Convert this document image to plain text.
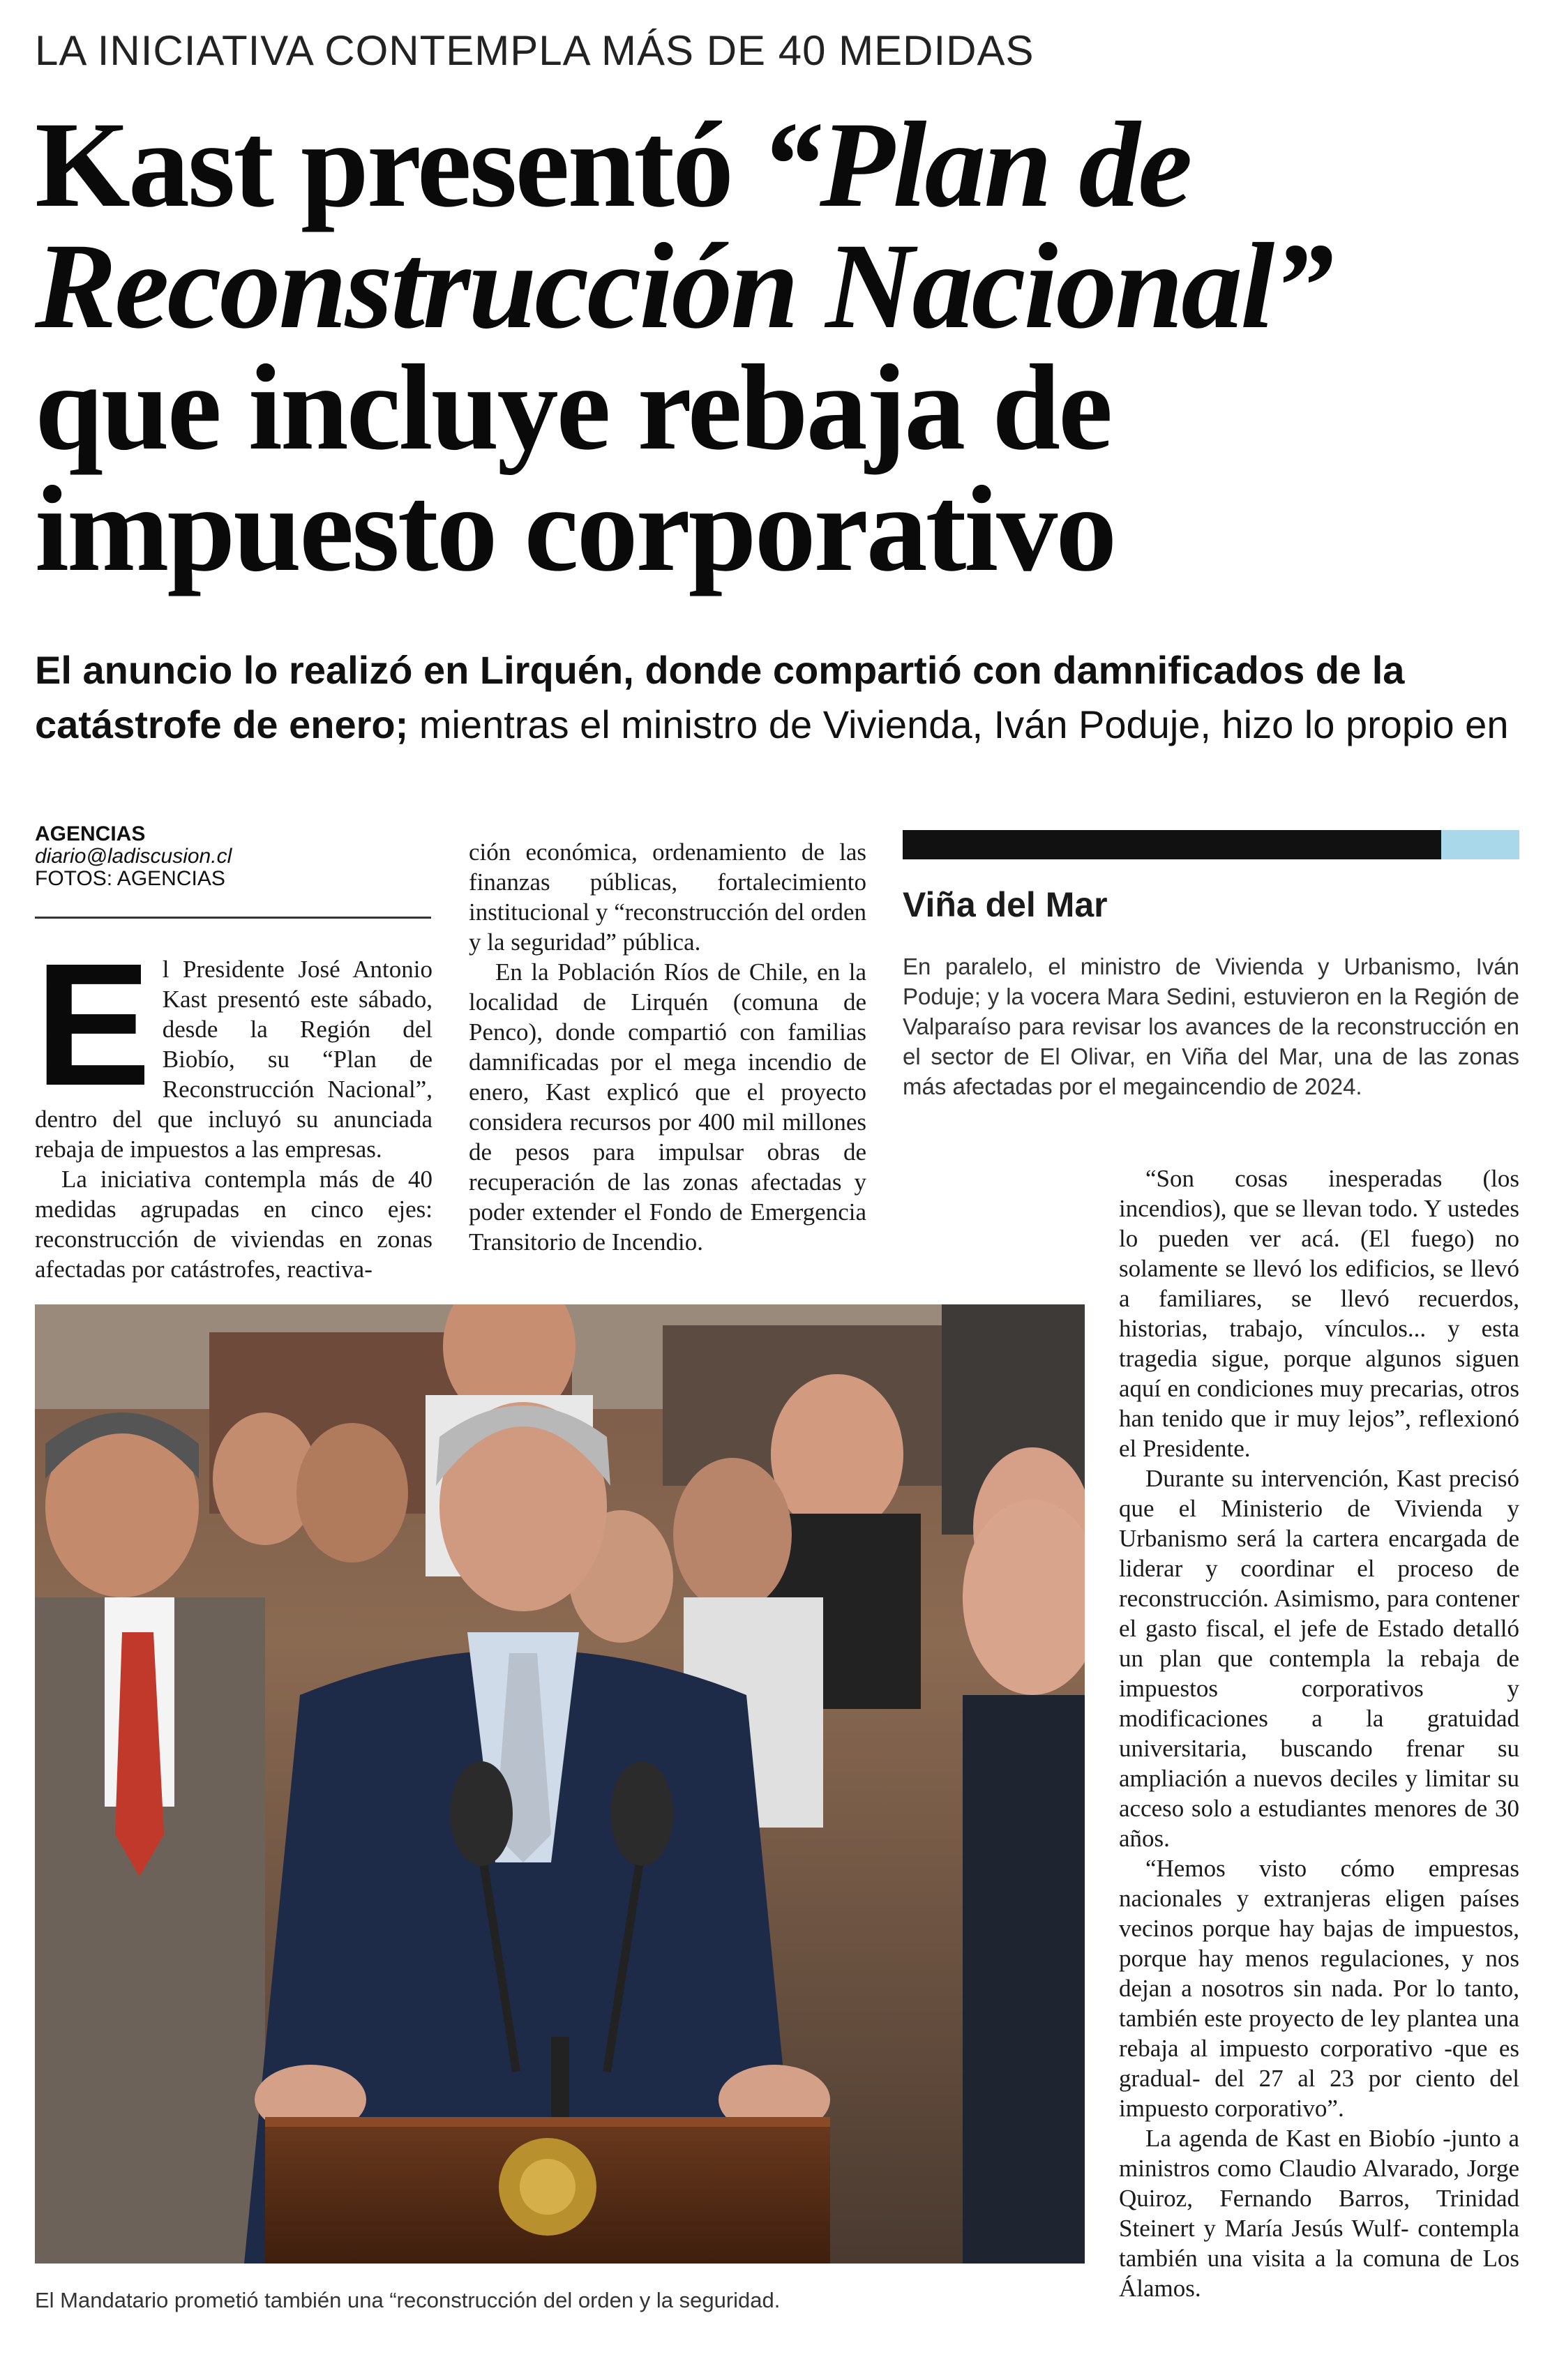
LA INICIATIVA CONTEMPLA MÁS DE 40 MEDIDAS
Kast presentó “Plan de Reconstrucción Nacional” que incluye rebaja de impuesto corporativo
El anuncio lo realizó en Lirquén, donde compartió con damnificados de la catástrofe de enero; mientras el ministro de Vivienda, Iván Poduje, hizo lo propio en
AGENCIAS
diario@ladiscusion.cl
FOTOS: AGENCIAS
E l Presidente José Antonio Kast presentó este sábado, desde la Región del Biobío, su “Plan de Reconstrucción Nacional”, dentro del que incluyó su anunciada rebaja de impuestos a las empresas.

La iniciativa contempla más de 40 medidas agrupadas en cinco ejes: reconstrucción de viviendas en zonas afectadas por catástrofes, reactiva-

ción económica, ordenamiento de las finanzas públicas, fortalecimiento institucional y “reconstrucción del orden y la seguridad” pública.

En la Población Ríos de Chile, en la localidad de Lirquén (comuna de Penco), donde compartió con familias damnificadas por el mega incendio de enero, Kast explicó que el proyecto considera recursos por 400 mil millones de pesos para impulsar obras de recuperación de las zonas afectadas y poder extender el Fondo de Emergencia Transitorio de Incendio.

Viña del Mar
En paralelo, el ministro de Vivienda y Urbanismo, Iván Poduje; y la vocera Mara Sedini, estuvieron en la Región de Valparaíso para revisar los avances de la reconstrucción en el sector de El Olivar, en Viña del Mar, una de las zonas más afectadas por el megaincendio de 2024.

“Son cosas inesperadas (los incendios), que se llevan todo. Y ustedes lo pueden ver acá. (El fuego) no solamente se llevó los edificios, se llevó a familiares, se llevó recuerdos, historias, trabajo, vínculos... y esta tragedia sigue, porque algunos siguen aquí en condiciones muy precarias, otros han tenido que ir muy lejos”, reflexionó el Presidente.

Durante su intervención, Kast precisó que el Ministerio de Vivienda y Urbanismo será la cartera encargada de liderar y coordinar el proceso de reconstrucción. Asimismo, para contener el gasto fiscal, el jefe de Estado detalló un plan que contempla la rebaja de impuestos corporativos y modificaciones a la gratuidad universitaria, buscando frenar su ampliación a nuevos deciles y limitar su acceso solo a estudiantes menores de 30 años.

“Hemos visto cómo empresas nacionales y extranjeras eligen países vecinos porque hay bajas de impuestos, porque hay menos regulaciones, y nos dejan a nosotros sin nada. Por lo tanto, también este proyecto de ley plantea una rebaja al impuesto corporativo -que es gradual- del 27 al 23 por ciento del impuesto corporativo”.

La agenda de Kast en Biobío -junto a ministros como Claudio Alvarado, Jorge Quiroz, Fernando Barros, Trinidad Steinert y María Jesús Wulf- contempla también una visita a la comuna de Los Álamos.

El Mandatario prometió también una “reconstrucción del orden y la seguridad.
